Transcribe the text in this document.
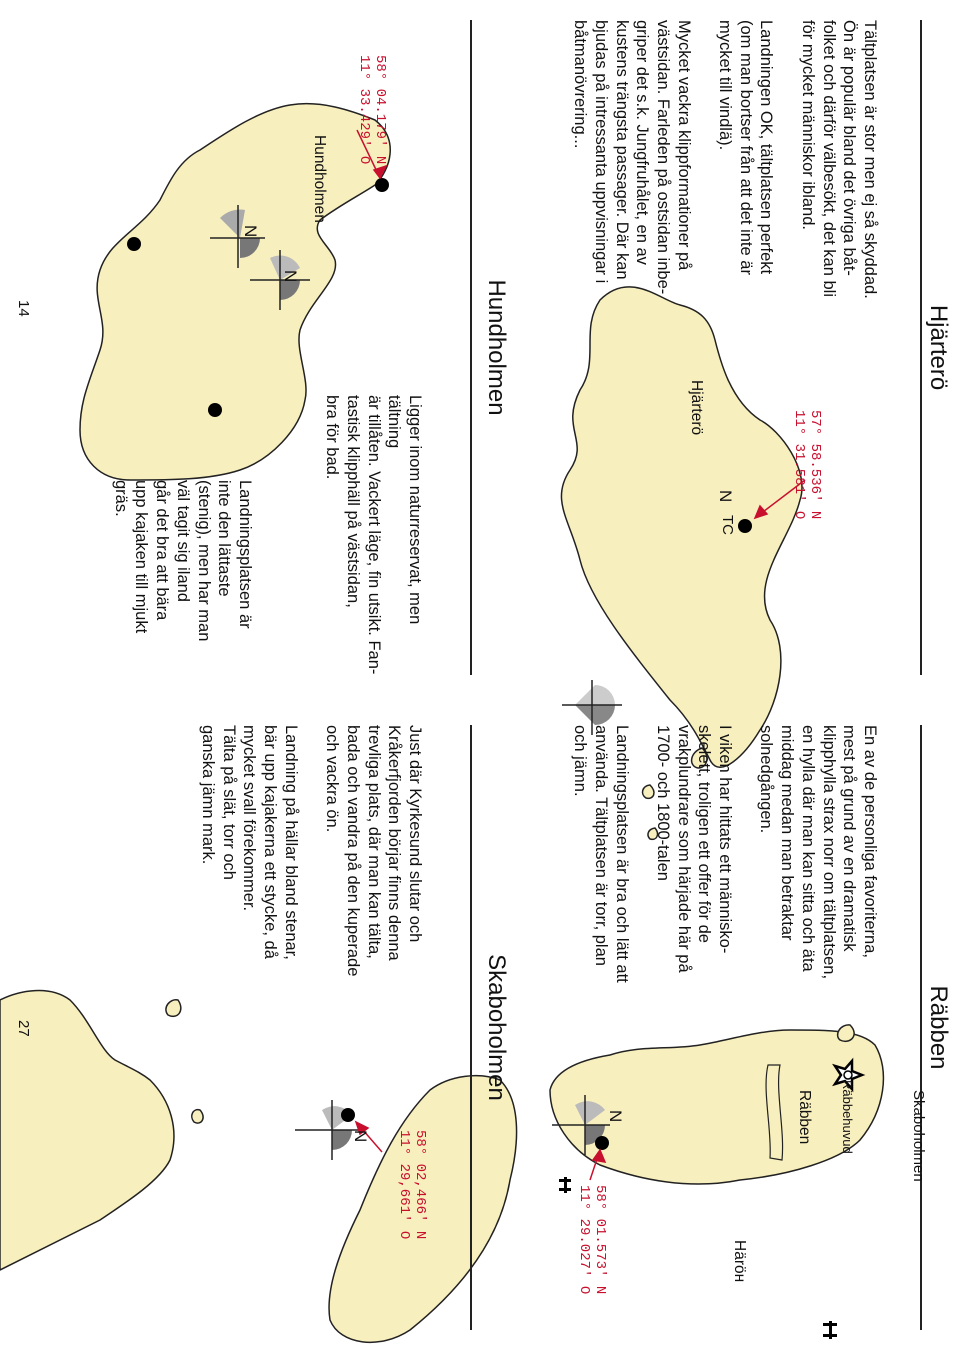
Hjärterö

Tältplatsen är stor men ej så skyddad.
Ön är populär bland det övriga båt-
folket och därför välbesökt, det kan bli
för mycket människor ibland.

Landningen OK, tältplatsen perfekt
(om man bortser från att det inte är
mycket till vindlä).

Mycket vackra klippformationer på
västsidan. Farleden på ostsidan inbe-
griper det s.k. Jungfruhålet, en av
kustens trängsta passager. Där kan
bjudas på intressanta uppvisningar i
båtmanövrering...

Hjärterö	57° 58.536' N
11° 31.581' O
N
TC
Hundholmen
Ligger inom naturreservat, men tältning
är tillåten. Vackert läge, fin utsikt. Fan-
tastisk klipphäll på västsidan,
bra för bad.
Landningsplatsen är
inte den lättaste
(stenig), men har man
väl tagit sig iland
går det bra att bära
upp kajaken till mjukt
gräs.
Hundholmen
58° 04.179' N
11° 33.429' O
N
N
14
Räbben

En av de personliga favoriterna,
mest på grund av en dramatisk
klipphylla strax norr om tältplatsen,
en hylla där man kan sitta och äta
middag medan man betraktar
solnedgången.

I viken har hittats ett människo-
skelett, troligen ett offer för de
vrakplundrare som härjade här på
1700- och 1800-talen

Landningsplatsen är bra och lätt att
använda. Tältplatsen är torr, plan
och jämn.

Räbben Räbbehuvud
Häröн
58° 01.573' N
11° 29.027' O
N
Skaboholmen

Just där Kyrkesund slutar och
Kråkerfjorden börjar finns denna
trevliga plats, där man kan tälta,
bada och vandra på den kuperade
och vackra ön.

Landning på hällar bland stenar,
bär upp kajakerna ett stycke, då
mycket svall förekommer.
Tälta på slät, torr och
ganska jämn mark.

Skaboholmen
58° 02,466' N
11° 29,661' O
N
27
